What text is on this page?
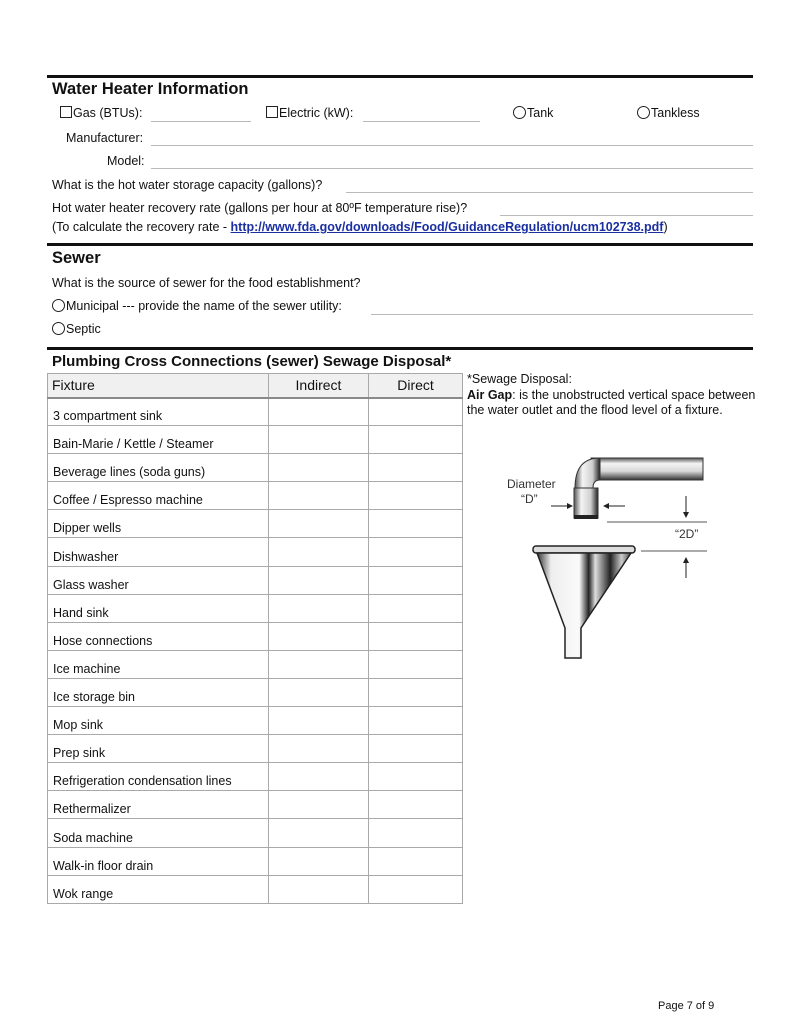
Water Heater Information
Gas (BTUs):	Electric (kW):	Tank	Tankless
Manufacturer:
Model:
What is the hot water storage capacity (gallons)?
Hot water heater recovery rate (gallons per hour at 80ºF temperature rise)?
(To calculate the recovery rate - http://www.fda.gov/downloads/Food/GuidanceRegulation/ucm102738.pdf)
Sewer
What is the source of sewer for the food establishment?
Municipal --- provide the name of the sewer utility:
Septic
Plumbing Cross Connections (sewer) Sewage Disposal*
Fixture	Indirect	Direct
3 compartment sink		
Bain-Marie / Kettle / Steamer		
Beverage lines (soda guns)		
Coffee / Espresso machine		
Dipper wells		
Dishwasher		
Glass washer		
Hand sink		
Hose connections		
Ice machine		
Ice storage bin		
Mop sink		
Prep sink		
Refrigeration condensation lines		
Rethermalizer		
Soda machine		
Walk-in floor drain		
Wok range		
*Sewage Disposal:
Air Gap: is the unobstructed vertical space between the water outlet and the flood level of a fixture.
Diameter
“D”
“2D”
Page 7 of 9
